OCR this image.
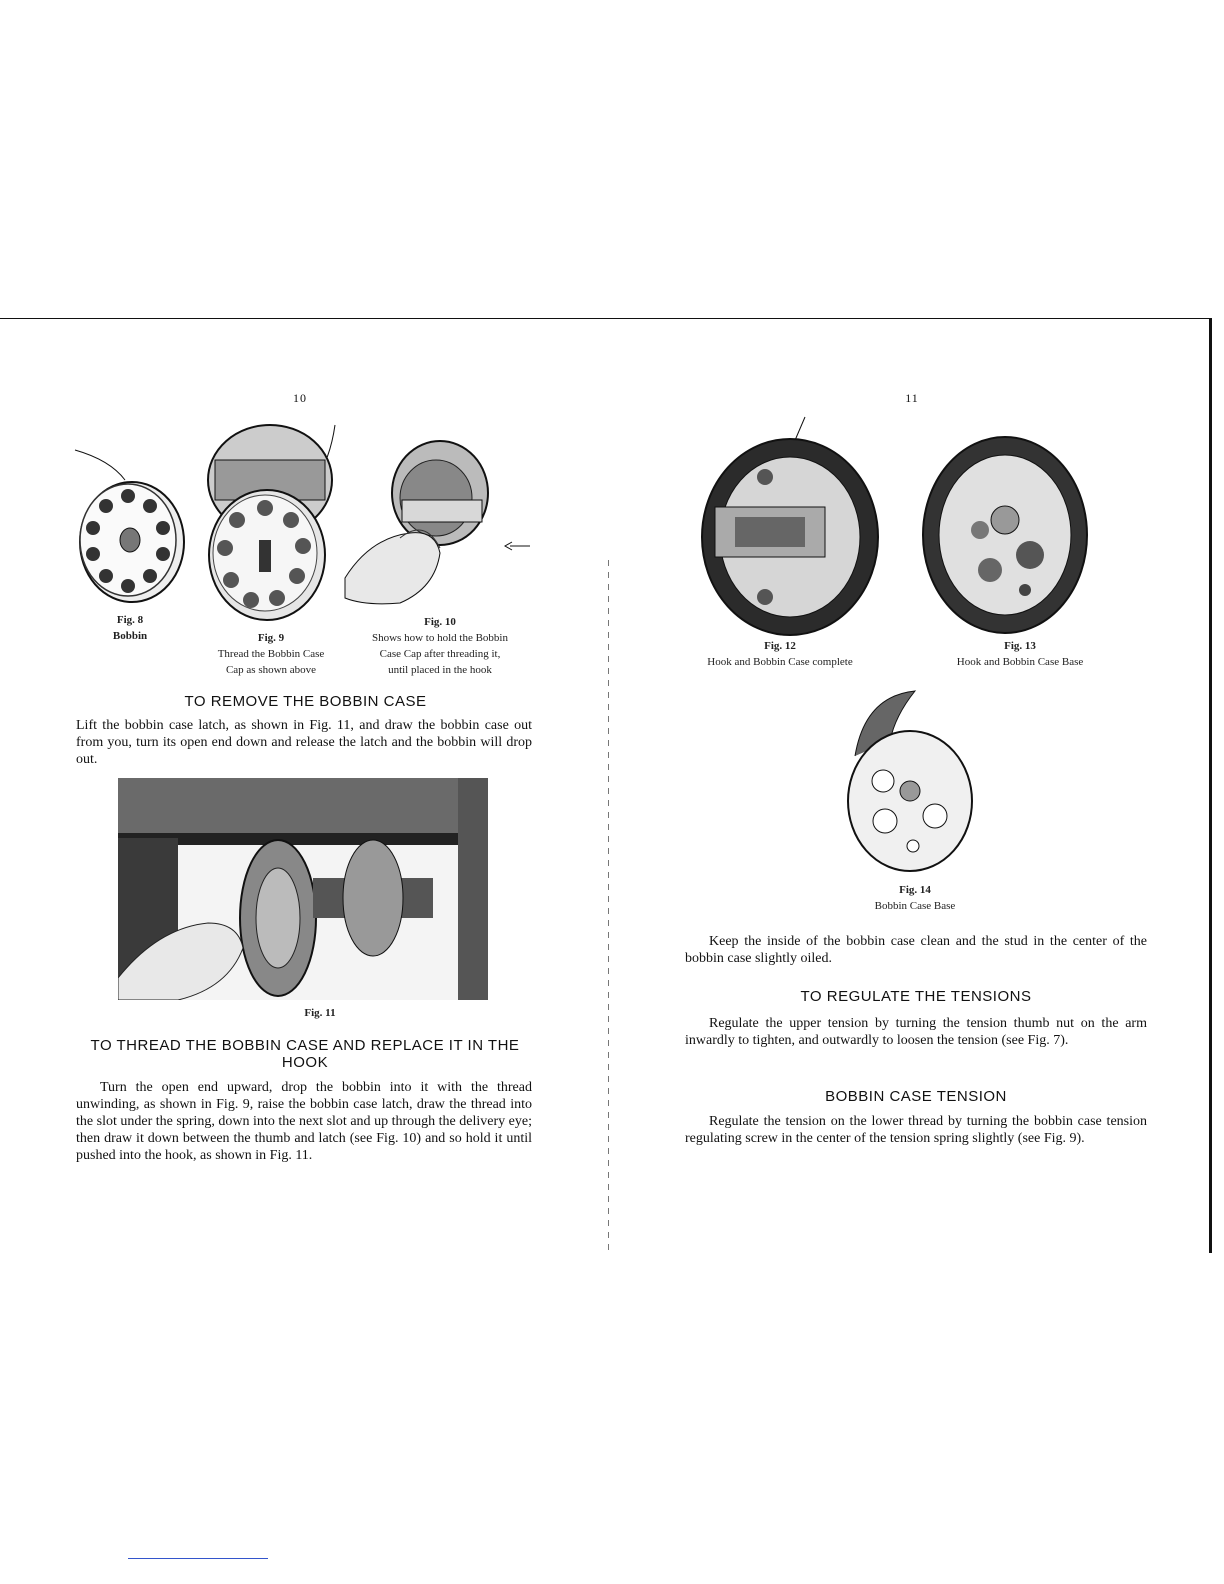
10
Fig. 8
Bobbin	Fig. 9
Thread the Bobbin Case
Cap as shown above
Fig. 10
Shows how to hold the Bobbin
Case Cap after threading it,
until placed in the hook
TO REMOVE THE BOBBIN CASE
Lift the bobbin case latch, as shown in Fig. 11, and draw the bobbin case out from you, turn its open end down and release the latch and the bobbin will drop out.
Fig. 11
TO THREAD THE BOBBIN CASE AND REPLACE IT IN THE HOOK
Turn the open end upward, drop the bobbin into it with the thread unwinding, as shown in Fig. 9, raise the bobbin case latch, draw the thread into the slot under the spring, down into the next slot and up through the delivery eye; then draw it down between the thumb and latch (see Fig. 10) and so hold it until pushed into the hook, as shown in Fig. 11.
11
Fig. 12
Hook and Bobbin Case complete
Fig. 13
Hook and Bobbin Case Base
Fig. 14
Bobbin Case Base
Keep the inside of the bobbin case clean and the stud in the center of the bobbin case slightly oiled.
TO REGULATE THE TENSIONS
Regulate the upper tension by turning the tension thumb nut on the arm inwardly to tighten, and outwardly to loosen the tension (see Fig. 7).
BOBBIN CASE TENSION
Regulate the tension on the lower thread by turning the bobbin case tension regulating screw in the center of the tension spring slightly (see Fig. 9).
